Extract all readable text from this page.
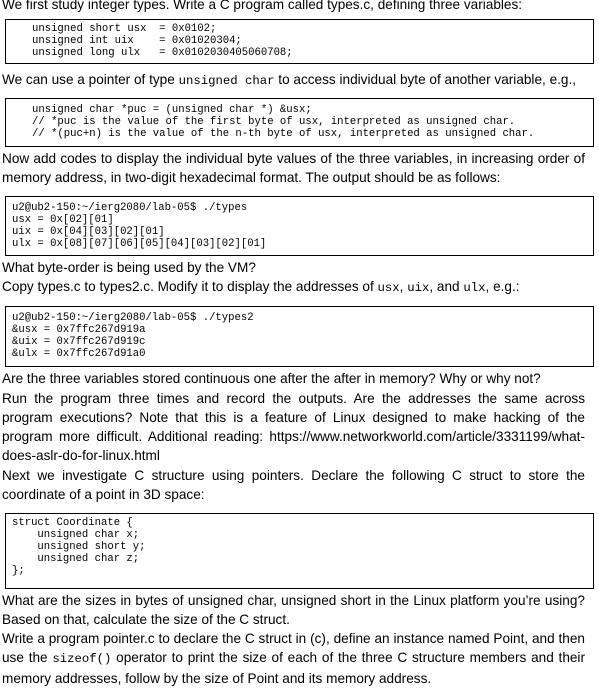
We first study integer types. Write a C program called types.c, defining three variables:

unsigned short usx  = 0x0102;
unsigned int uix    = 0x01020304;
unsigned long ulx   = 0x0102030405060708;

We can use a pointer of type unsigned char to access individual byte of another variable, e.g.,

unsigned char *puc = (unsigned char *) &usx;
// *puc is the value of the first byte of usx, interpreted as unsigned char.
// *(puc+n) is the value of the n-th byte of usx, interpreted as unsigned char.

Now add codes to display the individual byte values of the three variables, in increasing order of memory address, in two-digit hexadecimal format. The output should be as follows:

u2@ub2-150:~/ierg2080/lab-05$ ./types
usx = 0x[02][01]
uix = 0x[04][03][02][01]
ulx = 0x[08][07][06][05][04][03][02][01]

What byte-order is being used by the VM?

Copy types.c to types2.c. Modify it to display the addresses of usx, uix, and ulx, e.g.:

u2@ub2-150:~/ierg2080/lab-05$ ./types2
&usx = 0x7ffc267d919a
&uix = 0x7ffc267d919c
&ulx = 0x7ffc267d91a0

Are the three variables stored continuous one after the after in memory? Why or why not?

Run the program three times and record the outputs. Are the addresses the same across program executions? Note that this is a feature of Linux designed to make hacking of the program more difficult. Additional reading: https://www.networkworld.com/article/3331199/what-does-aslr-do-for-linux.html

Next we investigate C structure using pointers. Declare the following C struct to store the coordinate of a point in 3D space:

struct Coordinate {
unsigned char x;
unsigned short y;
unsigned char z;
};

What are the sizes in bytes of unsigned char, unsigned short in the Linux platform you’re using? Based on that, calculate the size of the C struct.

Write a program pointer.c to declare the C struct in (c), define an instance named Point, and then use the sizeof() operator to print the size of each of the three C structure members and their memory addresses, follow by the size of Point and its memory address.
